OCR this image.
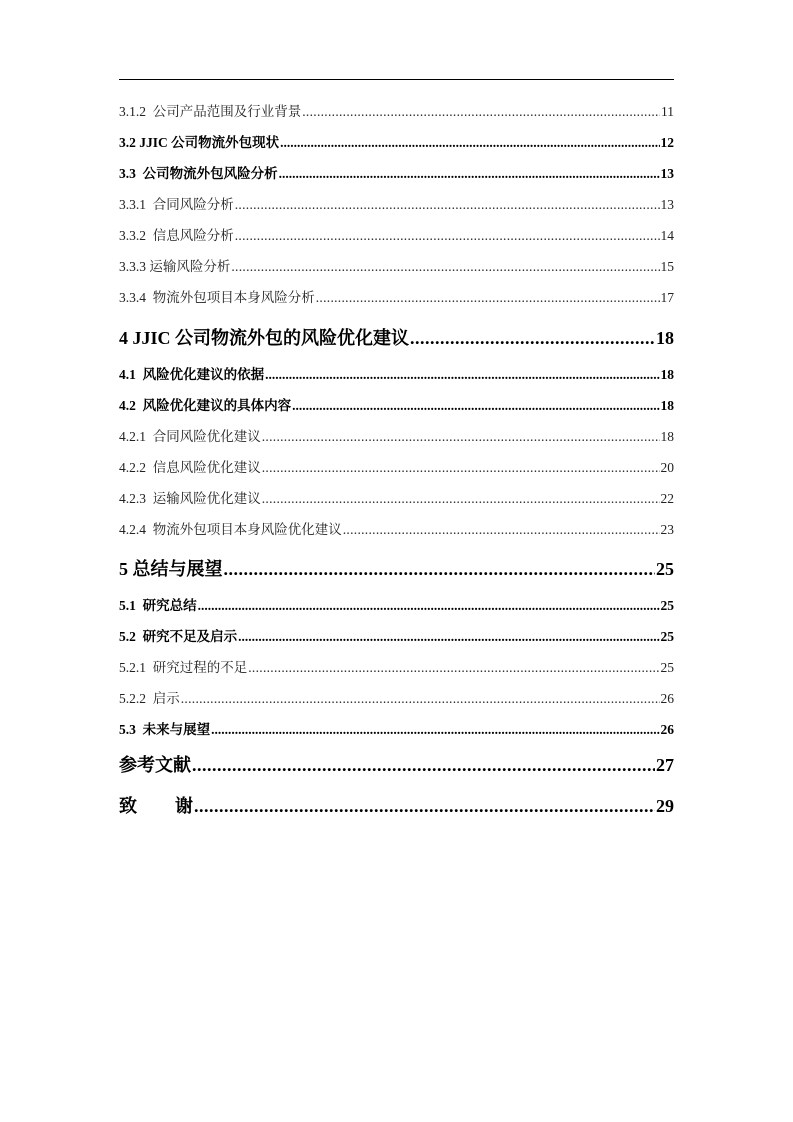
3.1.2 公司产品范围及行业背景 .....	11
3.2 JJIC 公司物流外包现状 .....	12
3.3 公司物流外包风险分析 .....	13
3.3.1 合同风险分析 .....	13
3.3.2 信息风险分析 .....	14
3.3.3 运输风险分析 .....	15
3.3.4 物流外包项目本身风险分析 .....	17
4 JJIC 公司物流外包的风险优化建议 .....	18
4.1 风险优化建议的依据 .....	18
4.2 风险优化建议的具体内容 .....	18
4.2.1 合同风险优化建议 .....	18
4.2.2 信息风险优化建议 .....	20
4.2.3 运输风险优化建议 .....	22
4.2.4 物流外包项目本身风险优化建议 .....	23
5 总结与展望 .....	25
5.1 研究总结 .....	25
5.2 研究不足及启示 .....	25
5.2.1 研究过程的不足 .....	25
5.2.2 启示 .....	26
5.3 未来与展望 .....	26
参考文献 .....	27
致 谢 .....	29
